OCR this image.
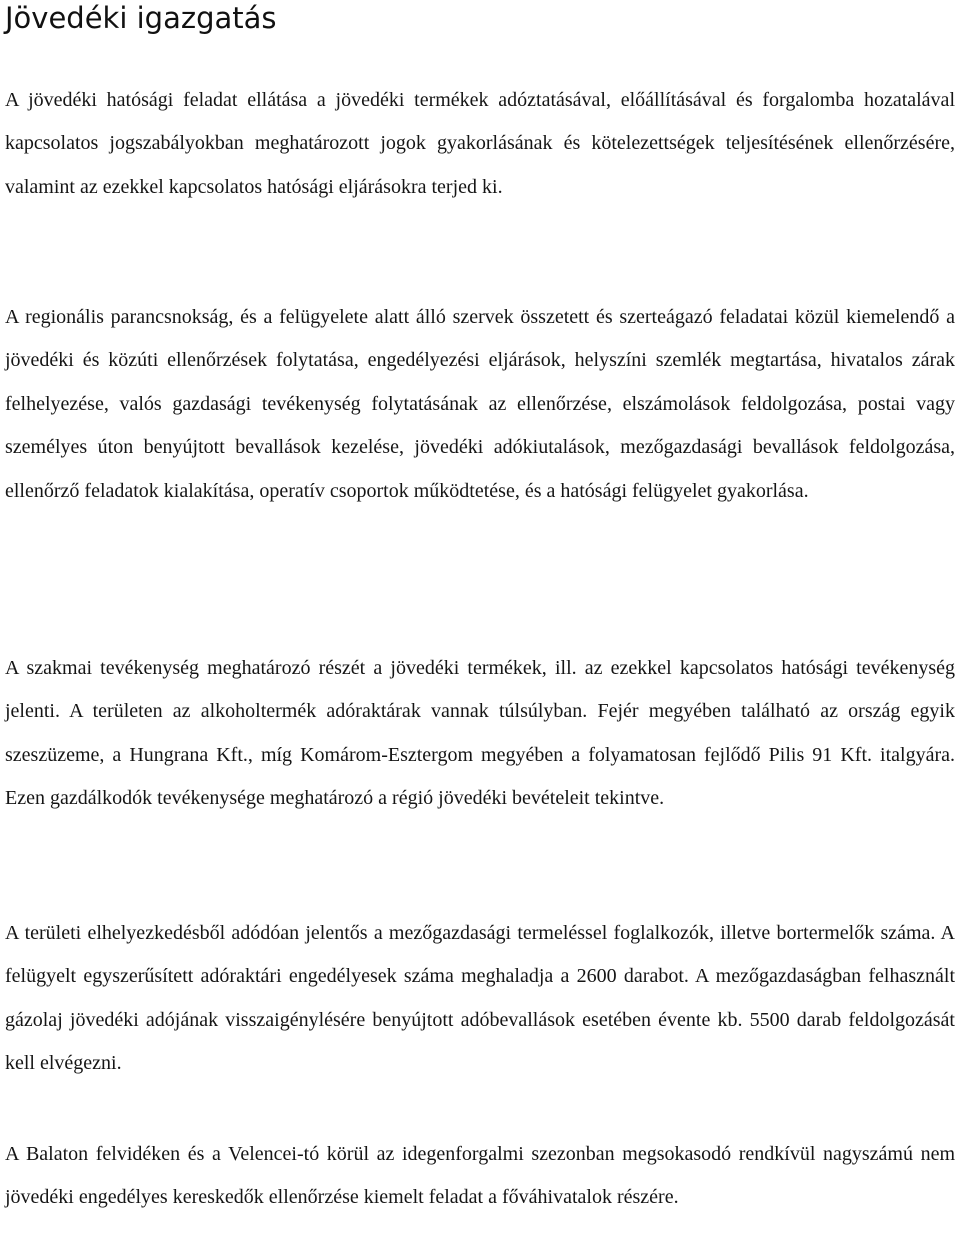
Jövedéki igazgatás

A jövedéki hatósági feladat ellátása a jövedéki termékek adóztatásával, előállításával és forgalomba hozatalával kapcsolatos jogszabályokban meghatározott jogok gyakorlásának és kötelezettségek teljesítésének ellenőrzésére, valamint az ezekkel kapcsolatos hatósági eljárásokra terjed ki.

A regionális parancsnokság, és a felügyelete alatt álló szervek összetett és szerteágazó feladatai közül kiemelendő a jövedéki és közúti ellenőrzések folytatása, engedélyezési eljárások, helyszíni szemlék megtartása, hivatalos zárak felhelyezése, valós gazdasági tevékenység folytatásának az ellenőrzése, elszámolások feldolgozása, postai vagy személyes úton benyújtott bevallások kezelése, jövedéki adókiutalások, mezőgazdasági bevallások feldolgozása, ellenőrző feladatok kialakítása, operatív csoportok működtetése, és a hatósági felügyelet gyakorlása.

A szakmai tevékenység meghatározó részét a jövedéki termékek, ill. az ezekkel kapcsolatos hatósági tevékenység jelenti. A területen az alkoholtermék adóraktárak vannak túlsúlyban. Fejér megyében található az ország egyik szeszüzeme, a Hungrana Kft., míg Komárom-Esztergom megyében a folyamatosan fejlődő Pilis 91 Kft. italgyára. Ezen gazdálkodók tevékenysége meghatározó a régió jövedéki bevételeit tekintve.

A területi elhelyezkedésből adódóan jelentős a mezőgazdasági termeléssel foglalkozók, illetve bortermelők száma. A felügyelt egyszerűsített adóraktári engedélyesek száma meghaladja a 2600 darabot. A mezőgazdaságban felhasznált gázolaj jövedéki adójának visszaigénylésére benyújtott adóbevallások esetében évente kb. 5500 darab feldolgozását kell elvégezni.

A Balaton felvidéken és a Velencei-tó körül az idegenforgalmi szezonban megsokasodó rendkívül nagyszámú nem jövedéki engedélyes kereskedők ellenőrzése kiemelt feladat a főváhivatalok részére.
